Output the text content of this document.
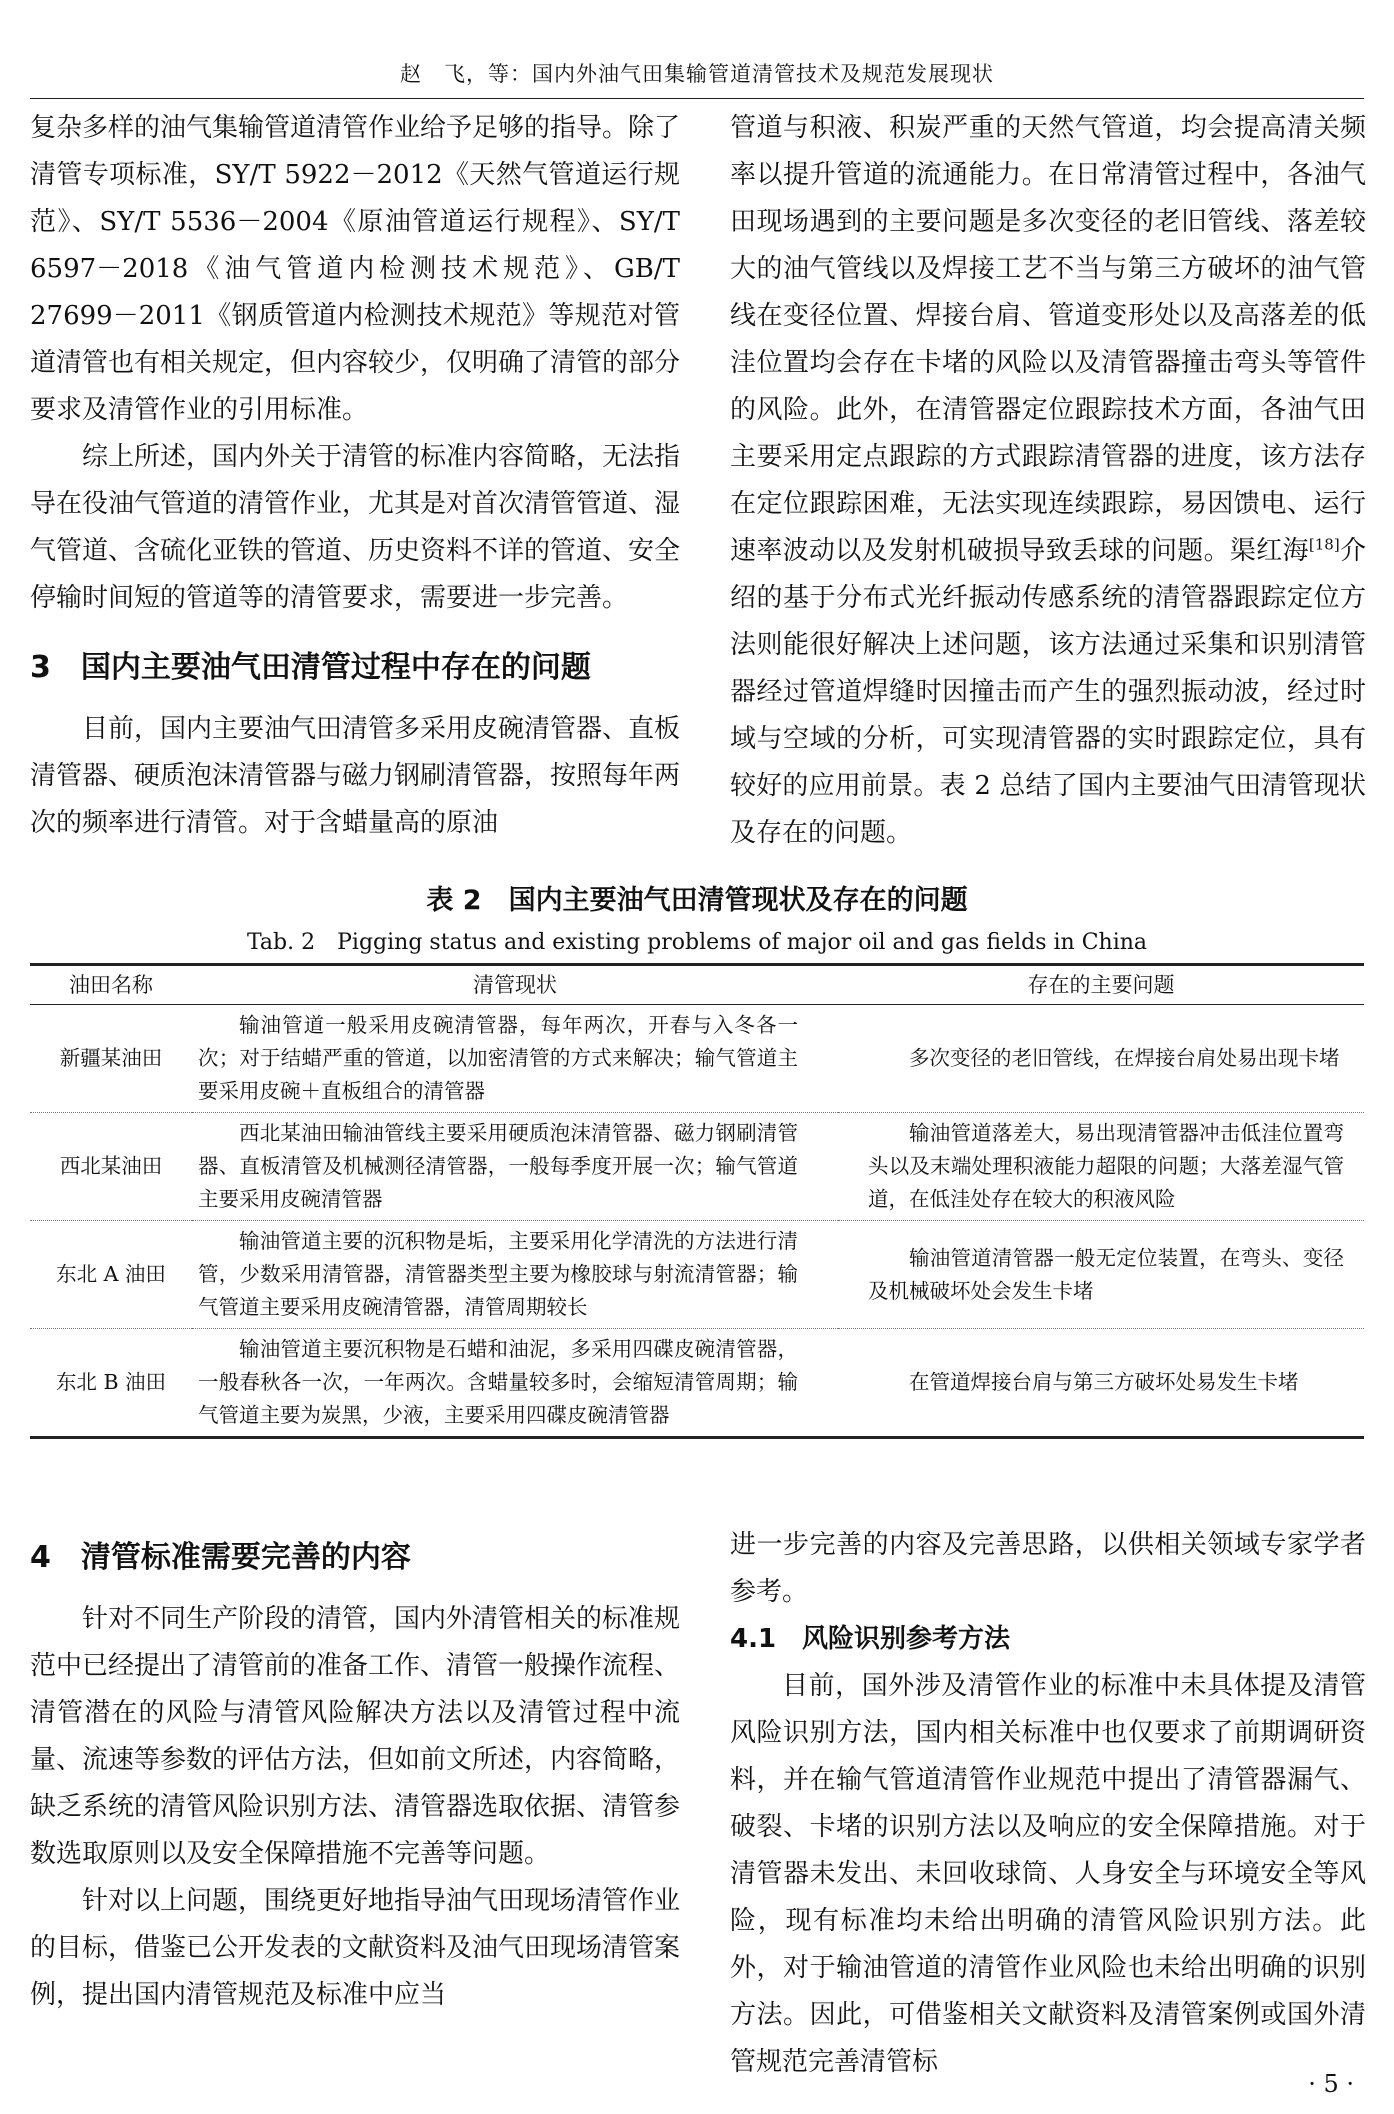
赵　飞，等：国内外油气田集输管道清管技术及规范发展现状

复杂多样的油气集输管道清管作业给予足够的指导。除了清管专项标准，SY/T 5922－2012《天然气管道运行规范》、SY/T 5536－2004《原油管道运行规程》、SY/T 6597－2018《油气管道内检测技术规范》、GB/T 27699－2011《钢质管道内检测技术规范》等规范对管道清管也有相关规定，但内容较少，仅明确了清管的部分要求及清管作业的引用标准。

综上所述，国内外关于清管的标准内容简略，无法指导在役油气管道的清管作业，尤其是对首次清管管道、湿气管道、含硫化亚铁的管道、历史资料不详的管道、安全停输时间短的管道等的清管要求，需要进一步完善。

3　国内主要油气田清管过程中存在的问题

目前，国内主要油气田清管多采用皮碗清管器、直板清管器、硬质泡沫清管器与磁力钢刷清管器，按照每年两次的频率进行清管。对于含蜡量高的原油

管道与积液、积炭严重的天然气管道，均会提高清关频率以提升管道的流通能力。在日常清管过程中，各油气田现场遇到的主要问题是多次变径的老旧管线、落差较大的油气管线以及焊接工艺不当与第三方破坏的油气管线在变径位置、焊接台肩、管道变形处以及高落差的低洼位置均会存在卡堵的风险以及清管器撞击弯头等管件的风险。此外，在清管器定位跟踪技术方面，各油气田主要采用定点跟踪的方式跟踪清管器的进度，该方法存在定位跟踪困难，无法实现连续跟踪，易因馈电、运行速率波动以及发射机破损导致丢球的问题。渠红海[18]介绍的基于分布式光纤振动传感系统的清管器跟踪定位方法则能很好解决上述问题，该方法通过采集和识别清管器经过管道焊缝时因撞击而产生的强烈振动波，经过时域与空域的分析，可实现清管器的实时跟踪定位，具有较好的应用前景。表 2 总结了国内主要油气田清管现状及存在的问题。

表 2　国内主要油气田清管现状及存在的问题
Tab. 2　Pigging status and existing problems of major oil and gas fields in China
油田名称	清管现状	存在的主要问题
新疆某油田	输油管道一般采用皮碗清管器，每年两次，开春与入冬各一次；对于结蜡严重的管道，以加密清管的方式来解决；输气管道主要采用皮碗＋直板组合的清管器	多次变径的老旧管线，在焊接台肩处易出现卡堵
西北某油田	西北某油田输油管线主要采用硬质泡沫清管器、磁力钢刷清管器、直板清管及机械测径清管器，一般每季度开展一次；输气管道主要采用皮碗清管器	输油管道落差大，易出现清管器冲击低洼位置弯头以及末端处理积液能力超限的问题；大落差湿气管道，在低洼处存在较大的积液风险
东北 A 油田	输油管道主要的沉积物是垢，主要采用化学清洗的方法进行清管，少数采用清管器，清管器类型主要为橡胶球与射流清管器；输气管道主要采用皮碗清管器，清管周期较长	输油管道清管器一般无定位装置，在弯头、变径及机械破坏处会发生卡堵
东北 B 油田	输油管道主要沉积物是石蜡和油泥，多采用四碟皮碗清管器，一般春秋各一次，一年两次。含蜡量较多时，会缩短清管周期；输气管道主要为炭黑，少液，主要采用四碟皮碗清管器	在管道焊接台肩与第三方破坏处易发生卡堵
4　清管标准需要完善的内容

针对不同生产阶段的清管，国内外清管相关的标准规范中已经提出了清管前的准备工作、清管一般操作流程、清管潜在的风险与清管风险解决方法以及清管过程中流量、流速等参数的评估方法，但如前文所述，内容简略，缺乏系统的清管风险识别方法、清管器选取依据、清管参数选取原则以及安全保障措施不完善等问题。

针对以上问题，围绕更好地指导油气田现场清管作业的目标，借鉴已公开发表的文献资料及油气田现场清管案例，提出国内清管规范及标准中应当

进一步完善的内容及完善思路，以供相关领域专家学者参考。

4.1　风险识别参考方法

目前，国外涉及清管作业的标准中未具体提及清管风险识别方法，国内相关标准中也仅要求了前期调研资料，并在输气管道清管作业规范中提出了清管器漏气、破裂、卡堵的识别方法以及响应的安全保障措施。对于清管器未发出、未回收球筒、人身安全与环境安全等风险，现有标准均未给出明确的清管风险识别方法。此外，对于输油管道的清管作业风险也未给出明确的识别方法。因此，可借鉴相关文献资料及清管案例或国外清管规范完善清管标

· 5 ·
